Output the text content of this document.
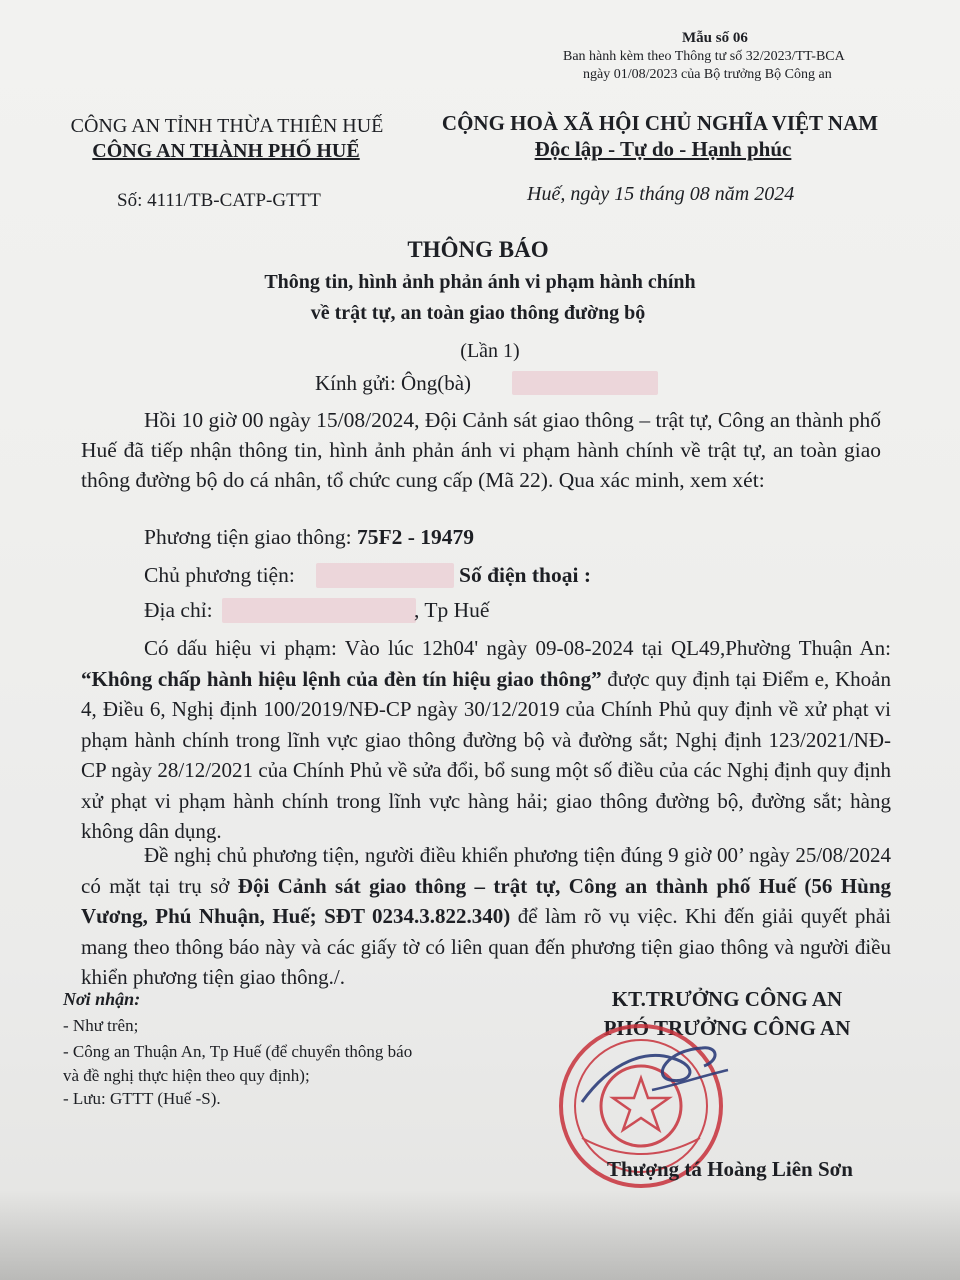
Mẫu số 06
Ban hành kèm theo Thông tư số 32/2023/TT-BCA
ngày 01/08/2023 của Bộ trưởng Bộ Công an
CÔNG AN TỈNH THỪA THIÊN HUẾ
CÔNG AN THÀNH PHỐ HUẾ
Số: 4111/TB-CATP-GTTT
CỘNG HOÀ XÃ HỘI CHỦ NGHĨA VIỆT NAM
Độc lập - Tự do - Hạnh phúc
Huế, ngày 15 tháng 08 năm 2024
THÔNG BÁO
Thông tin, hình ảnh phản ánh vi phạm hành chính
về trật tự, an toàn giao thông đường bộ
(Lần 1)
Kính gửi: Ông(bà)

Hồi 10 giờ 00 ngày 15/08/2024, Đội Cảnh sát giao thông – trật tự, Công an thành phố Huế đã tiếp nhận thông tin, hình ảnh phản ánh vi phạm hành chính về trật tự, an toàn giao thông đường bộ do cá nhân, tổ chức cung cấp (Mã 22). Qua xác minh, xem xét:

Phương tiện giao thông: 75F2 - 19479
Chủ phương tiện:	Số điện thoại :
Địa chỉ:	, Tp Huế

Có dấu hiệu vi phạm: Vào lúc 12h04' ngày 09-08-2024 tại QL49,Phường Thuận An: “Không chấp hành hiệu lệnh của đèn tín hiệu giao thông” được quy định tại Điểm e, Khoản 4, Điều 6, Nghị định 100/2019/NĐ-CP ngày 30/12/2019 của Chính Phủ quy định về xử phạt vi phạm hành chính trong lĩnh vực giao thông đường bộ và đường sắt; Nghị định 123/2021/NĐ-CP ngày 28/12/2021 của Chính Phủ về sửa đổi, bổ sung một số điều của các Nghị định quy định xử phạt vi phạm hành chính trong lĩnh vực hàng hải; giao thông đường bộ, đường sắt; hàng không dân dụng.

Đề nghị chủ phương tiện, người điều khiển phương tiện đúng 9 giờ 00’ ngày 25/08/2024 có mặt tại trụ sở Đội Cảnh sát giao thông – trật tự, Công an thành phố Huế (56 Hùng Vương, Phú Nhuận, Huế; SĐT 0234.3.822.340) để làm rõ vụ việc. Khi đến giải quyết phải mang theo thông báo này và các giấy tờ có liên quan đến phương tiện giao thông và người điều khiển phương tiện giao thông./.

Nơi nhận:
- Như trên;
- Công an Thuận An, Tp Huế (để chuyển thông báo
và đề nghị thực hiện theo quy định);
- Lưu: GTTT (Huế -S).
KT.TRƯỞNG CÔNG AN
PHÓ TRƯỞNG CÔNG AN
Thượng tá Hoàng Liên Sơn
